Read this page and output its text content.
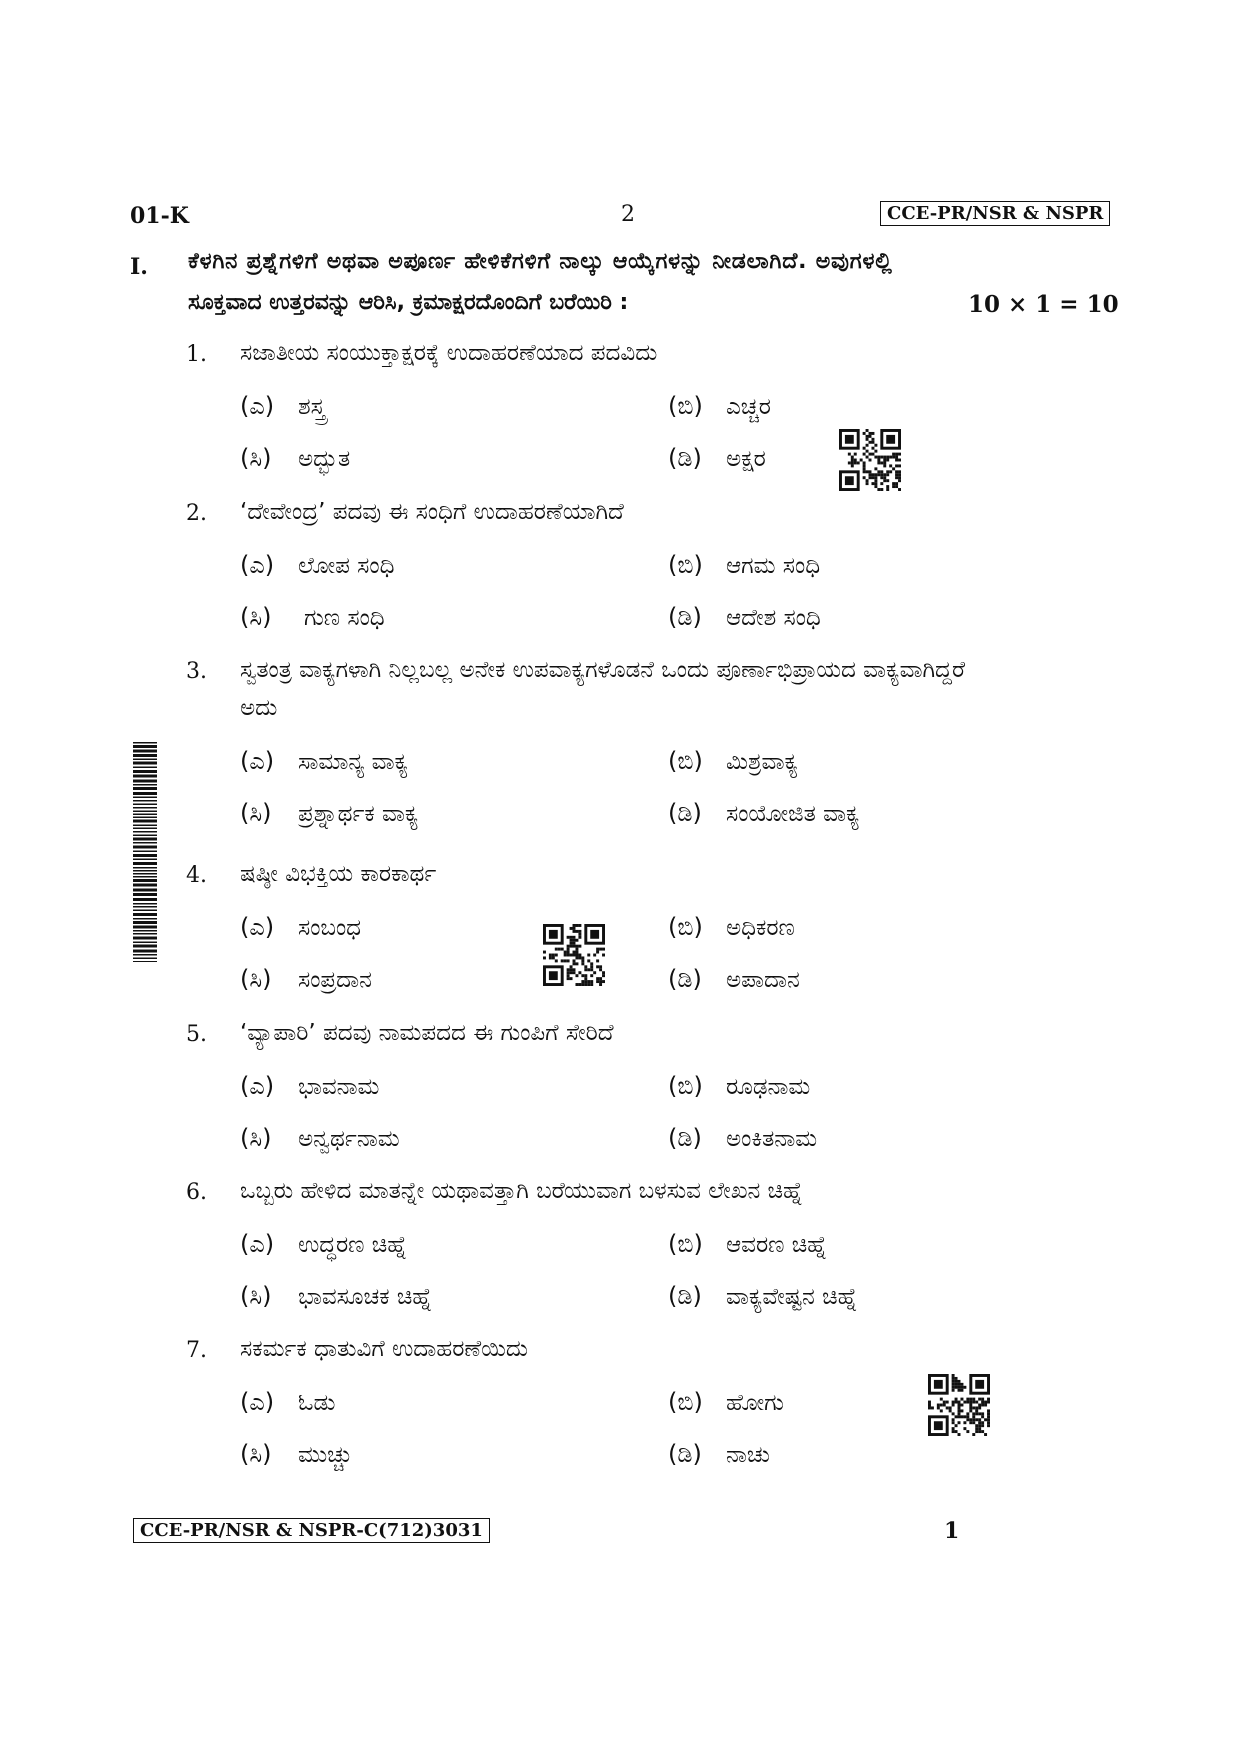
01-K	2	CCE-PR/NSR & NSPR
I. ಕೆಳಗಿನ ಪ್ರಶ್ನೆಗಳಿಗೆ ಅಥವಾ ಅಪೂರ್ಣ ಹೇಳಿಕೆಗಳಿಗೆ ನಾಲ್ಕು ಆಯ್ಕೆಗಳನ್ನು ನೀಡಲಾಗಿದೆ. ಅವುಗಳಲ್ಲಿ
ಸೂಕ್ತವಾದ ಉತ್ತರವನ್ನು ಆರಿಸಿ, ಕ್ರಮಾಕ್ಷರದೊಂದಿಗೆ ಬರೆಯಿರಿ :	10 × 1 = 10
1. ಸಜಾತೀಯ ಸಂಯುಕ್ತಾಕ್ಷರಕ್ಕೆ ಉದಾಹರಣೆಯಾದ ಪದವಿದು
(ಎ) ಶಸ್ತ್ರ	(ಬಿ) ಎಚ್ಚರ
(ಸಿ) ಅದ್ಭುತ	(ಡಿ) ಅಕ್ಷರ
2. ‘ದೇವೇಂದ್ರ’ ಪದವು ಈ ಸಂಧಿಗೆ ಉದಾಹರಣೆಯಾಗಿದೆ
(ಎ) ಲೋಪ ಸಂಧಿ	(ಬಿ) ಆಗಮ ಸಂಧಿ
(ಸಿ) ಗುಣ ಸಂಧಿ	(ಡಿ) ಆದೇಶ ಸಂಧಿ
3. ಸ್ವತಂತ್ರ ವಾಕ್ಯಗಳಾಗಿ ನಿಲ್ಲಬಲ್ಲ ಅನೇಕ ಉಪವಾಕ್ಯಗಳೊಡನೆ ಒಂದು ಪೂರ್ಣಾಭಿಪ್ರಾಯದ ವಾಕ್ಯವಾಗಿದ್ದರೆ
ಅದು
(ಎ) ಸಾಮಾನ್ಯ ವಾಕ್ಯ	(ಬಿ) ಮಿಶ್ರವಾಕ್ಯ
(ಸಿ) ಪ್ರಶ್ನಾರ್ಥಕ ವಾಕ್ಯ	(ಡಿ) ಸಂಯೋಜಿತ ವಾಕ್ಯ
4. ಷಷ್ಠೀ ವಿಭಕ್ತಿಯ ಕಾರಕಾರ್ಥ
(ಎ) ಸಂಬಂಧ	(ಬಿ) ಅಧಿಕರಣ
(ಸಿ) ಸಂಪ್ರದಾನ	(ಡಿ) ಅಪಾದಾನ
5. ‘ವ್ಯಾಪಾರಿ’ ಪದವು ನಾಮಪದದ ಈ ಗುಂಪಿಗೆ ಸೇರಿದೆ
(ಎ) ಭಾವನಾಮ	(ಬಿ) ರೂಢನಾಮ
(ಸಿ) ಅನ್ವರ್ಥನಾಮ	(ಡಿ) ಅಂಕಿತನಾಮ
6. ಒಬ್ಬರು ಹೇಳಿದ ಮಾತನ್ನೇ ಯಥಾವತ್ತಾಗಿ ಬರೆಯುವಾಗ ಬಳಸುವ ಲೇಖನ ಚಿಹ್ನೆ
(ಎ) ಉದ್ಧರಣ ಚಿಹ್ನೆ	(ಬಿ) ಆವರಣ ಚಿಹ್ನೆ
(ಸಿ) ಭಾವಸೂಚಕ ಚಿಹ್ನೆ	(ಡಿ) ವಾಕ್ಯವೇಷ್ಟನ ಚಿಹ್ನೆ
7. ಸಕರ್ಮಕ ಧಾತುವಿಗೆ ಉದಾಹರಣೆಯಿದು
(ಎ) ಓಡು	(ಬಿ) ಹೋಗು
(ಸಿ) ಮುಚ್ಚು	(ಡಿ) ನಾಚು
CCE-PR/NSR & NSPR-C(712)3031	1
